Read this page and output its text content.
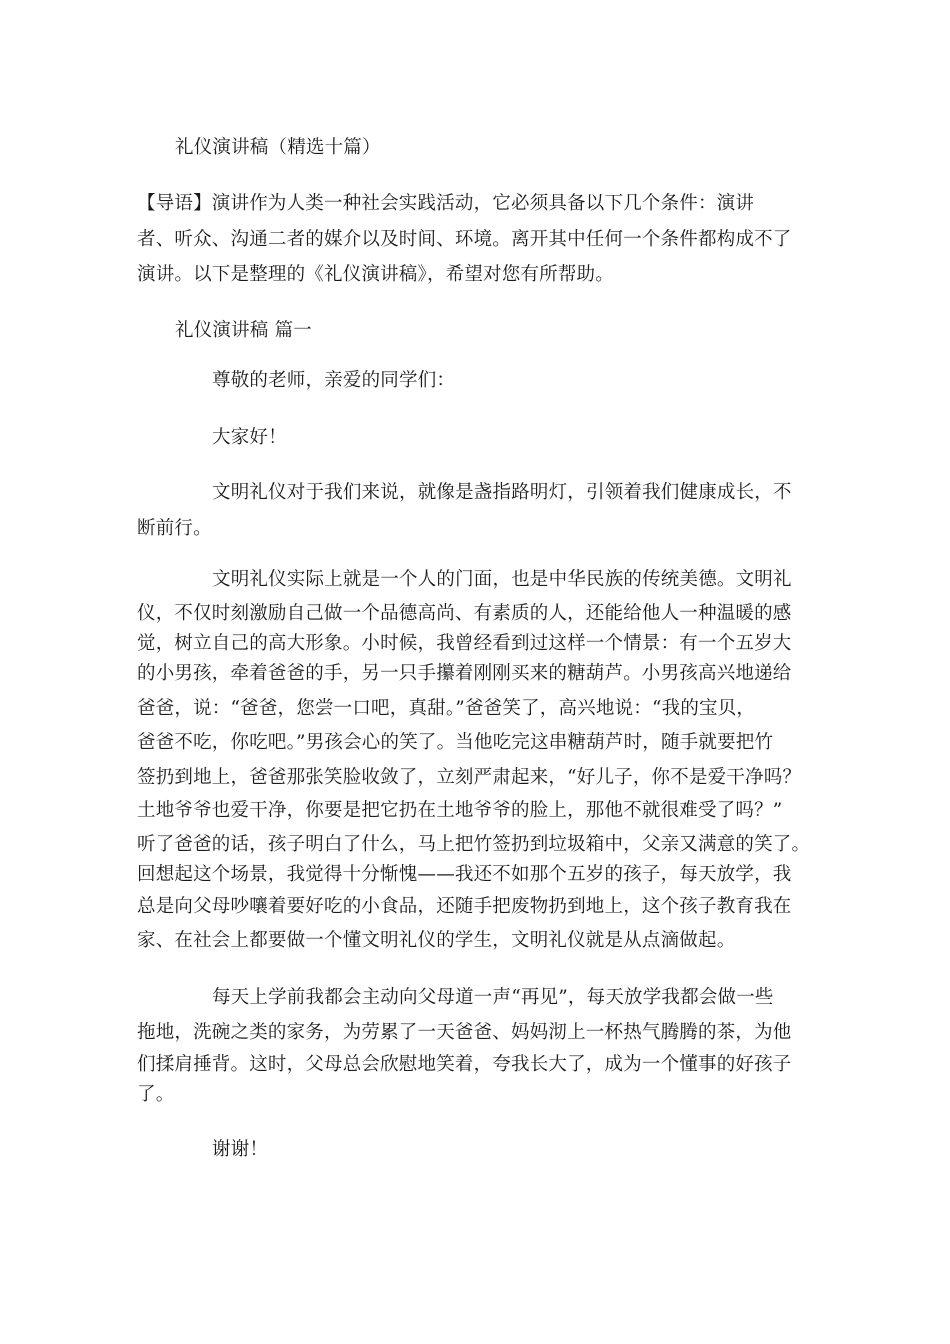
礼仪演讲稿（精选十篇）
【导语】演讲作为人类一种社会实践活动，它必须具备以下几个条件：演讲
者、听众、沟通二者的媒介以及时间、环境。离开其中任何一个条件都构成不了
演讲。以下是整理的《礼仪演讲稿》，希望对您有所帮助。
礼仪演讲稿 篇一
尊敬的老师，亲爱的同学们：
大家好！
文明礼仪对于我们来说，就像是盏指路明灯，引领着我们健康成长，不
断前行。
文明礼仪实际上就是一个人的门面，也是中华民族的传统美德。文明礼
仪，不仅时刻激励自己做一个品德高尚、有素质的人，还能给他人一种温暖的感
觉，树立自己的高大形象。小时候，我曾经看到过这样一个情景：有一个五岁大
的小男孩，牵着爸爸的手，另一只手攥着刚刚买来的糖葫芦。小男孩高兴地递给
爸爸，说：“爸爸，您尝一口吧，真甜。”爸爸笑了，高兴地说：“我的宝贝，
爸爸不吃，你吃吧。”男孩会心的笑了。当他吃完这串糖葫芦时，随手就要把竹
签扔到地上，爸爸那张笑脸收敛了，立刻严肃起来，“好儿子，你不是爱干净吗？
土地爷爷也爱干净，你要是把它扔在土地爷爷的脸上，那他不就很难受了吗？”
听了爸爸的话，孩子明白了什么，马上把竹签扔到垃圾箱中，父亲又满意的笑了。
回想起这个场景，我觉得十分惭愧——我还不如那个五岁的孩子，每天放学，我
总是向父母吵嚷着要好吃的小食品，还随手把废物扔到地上，这个孩子教育我在
家、在社会上都要做一个懂文明礼仪的学生，文明礼仪就是从点滴做起。
每天上学前我都会主动向父母道一声“再见”，每天放学我都会做一些
拖地，洗碗之类的家务，为劳累了一天爸爸、妈妈沏上一杯热气腾腾的茶，为他
们揉肩捶背。这时，父母总会欣慰地笑着，夸我长大了，成为一个懂事的好孩子
了。
谢谢！
